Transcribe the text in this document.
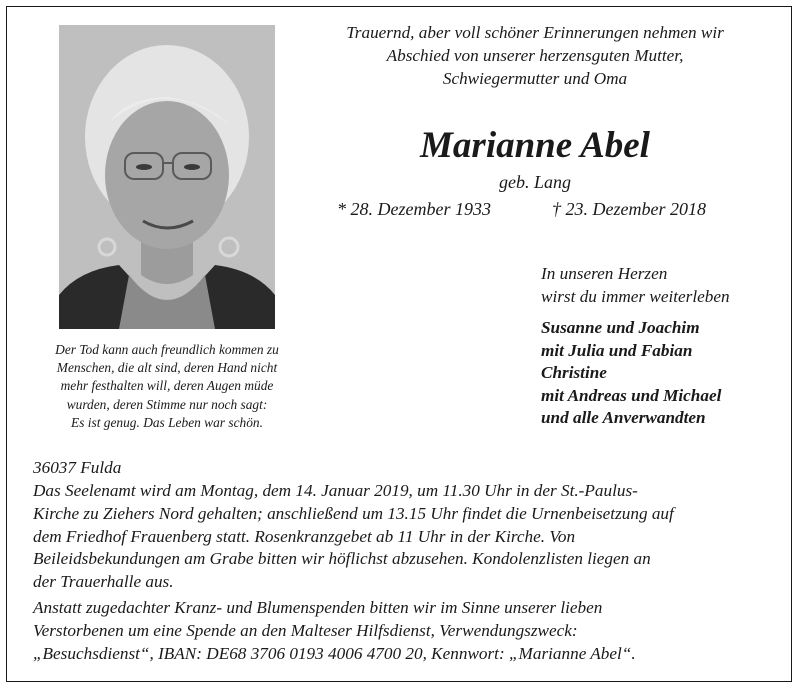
Der Tod kann auch freundlich kommen zu
Menschen, die alt sind, deren Hand nicht
mehr festhalten will, deren Augen müde
wurden, deren Stimme nur noch sagt:
Es ist genug. Das Leben war schön.
Trauernd, aber voll schöner Erinnerungen nehmen wir
Abschied von unserer herzensguten Mutter,
Schwiegermutter und Oma
Marianne Abel
geb. Lang
* 28. Dezember 1933	† 23. Dezember 2018
In unseren Herzen
wirst du immer weiterleben
Susanne und Joachim
mit Julia und Fabian
Christine
mit Andreas und Michael
und alle Anverwandten
36037 Fulda
Das Seelenamt wird am Montag, dem 14. Januar 2019, um 11.30 Uhr in der St.-Paulus-
Kirche zu Ziehers Nord gehalten; anschließend um 13.15 Uhr findet die Urnenbeisetzung auf
dem Friedhof Frauenberg statt. Rosenkranzgebet ab 11 Uhr in der Kirche. Von
Beileidsbekundungen am Grabe bitten wir höflichst abzusehen. Kondolenzlisten liegen an
der Trauerhalle aus.
Anstatt zugedachter Kranz- und Blumenspenden bitten wir im Sinne unserer lieben
Verstorbenen um eine Spende an den Malteser Hilfsdienst, Verwendungszweck:
„Besuchsdienst“, IBAN: DE68 3706 0193 4006 4700 20, Kennwort: „Marianne Abel“.
